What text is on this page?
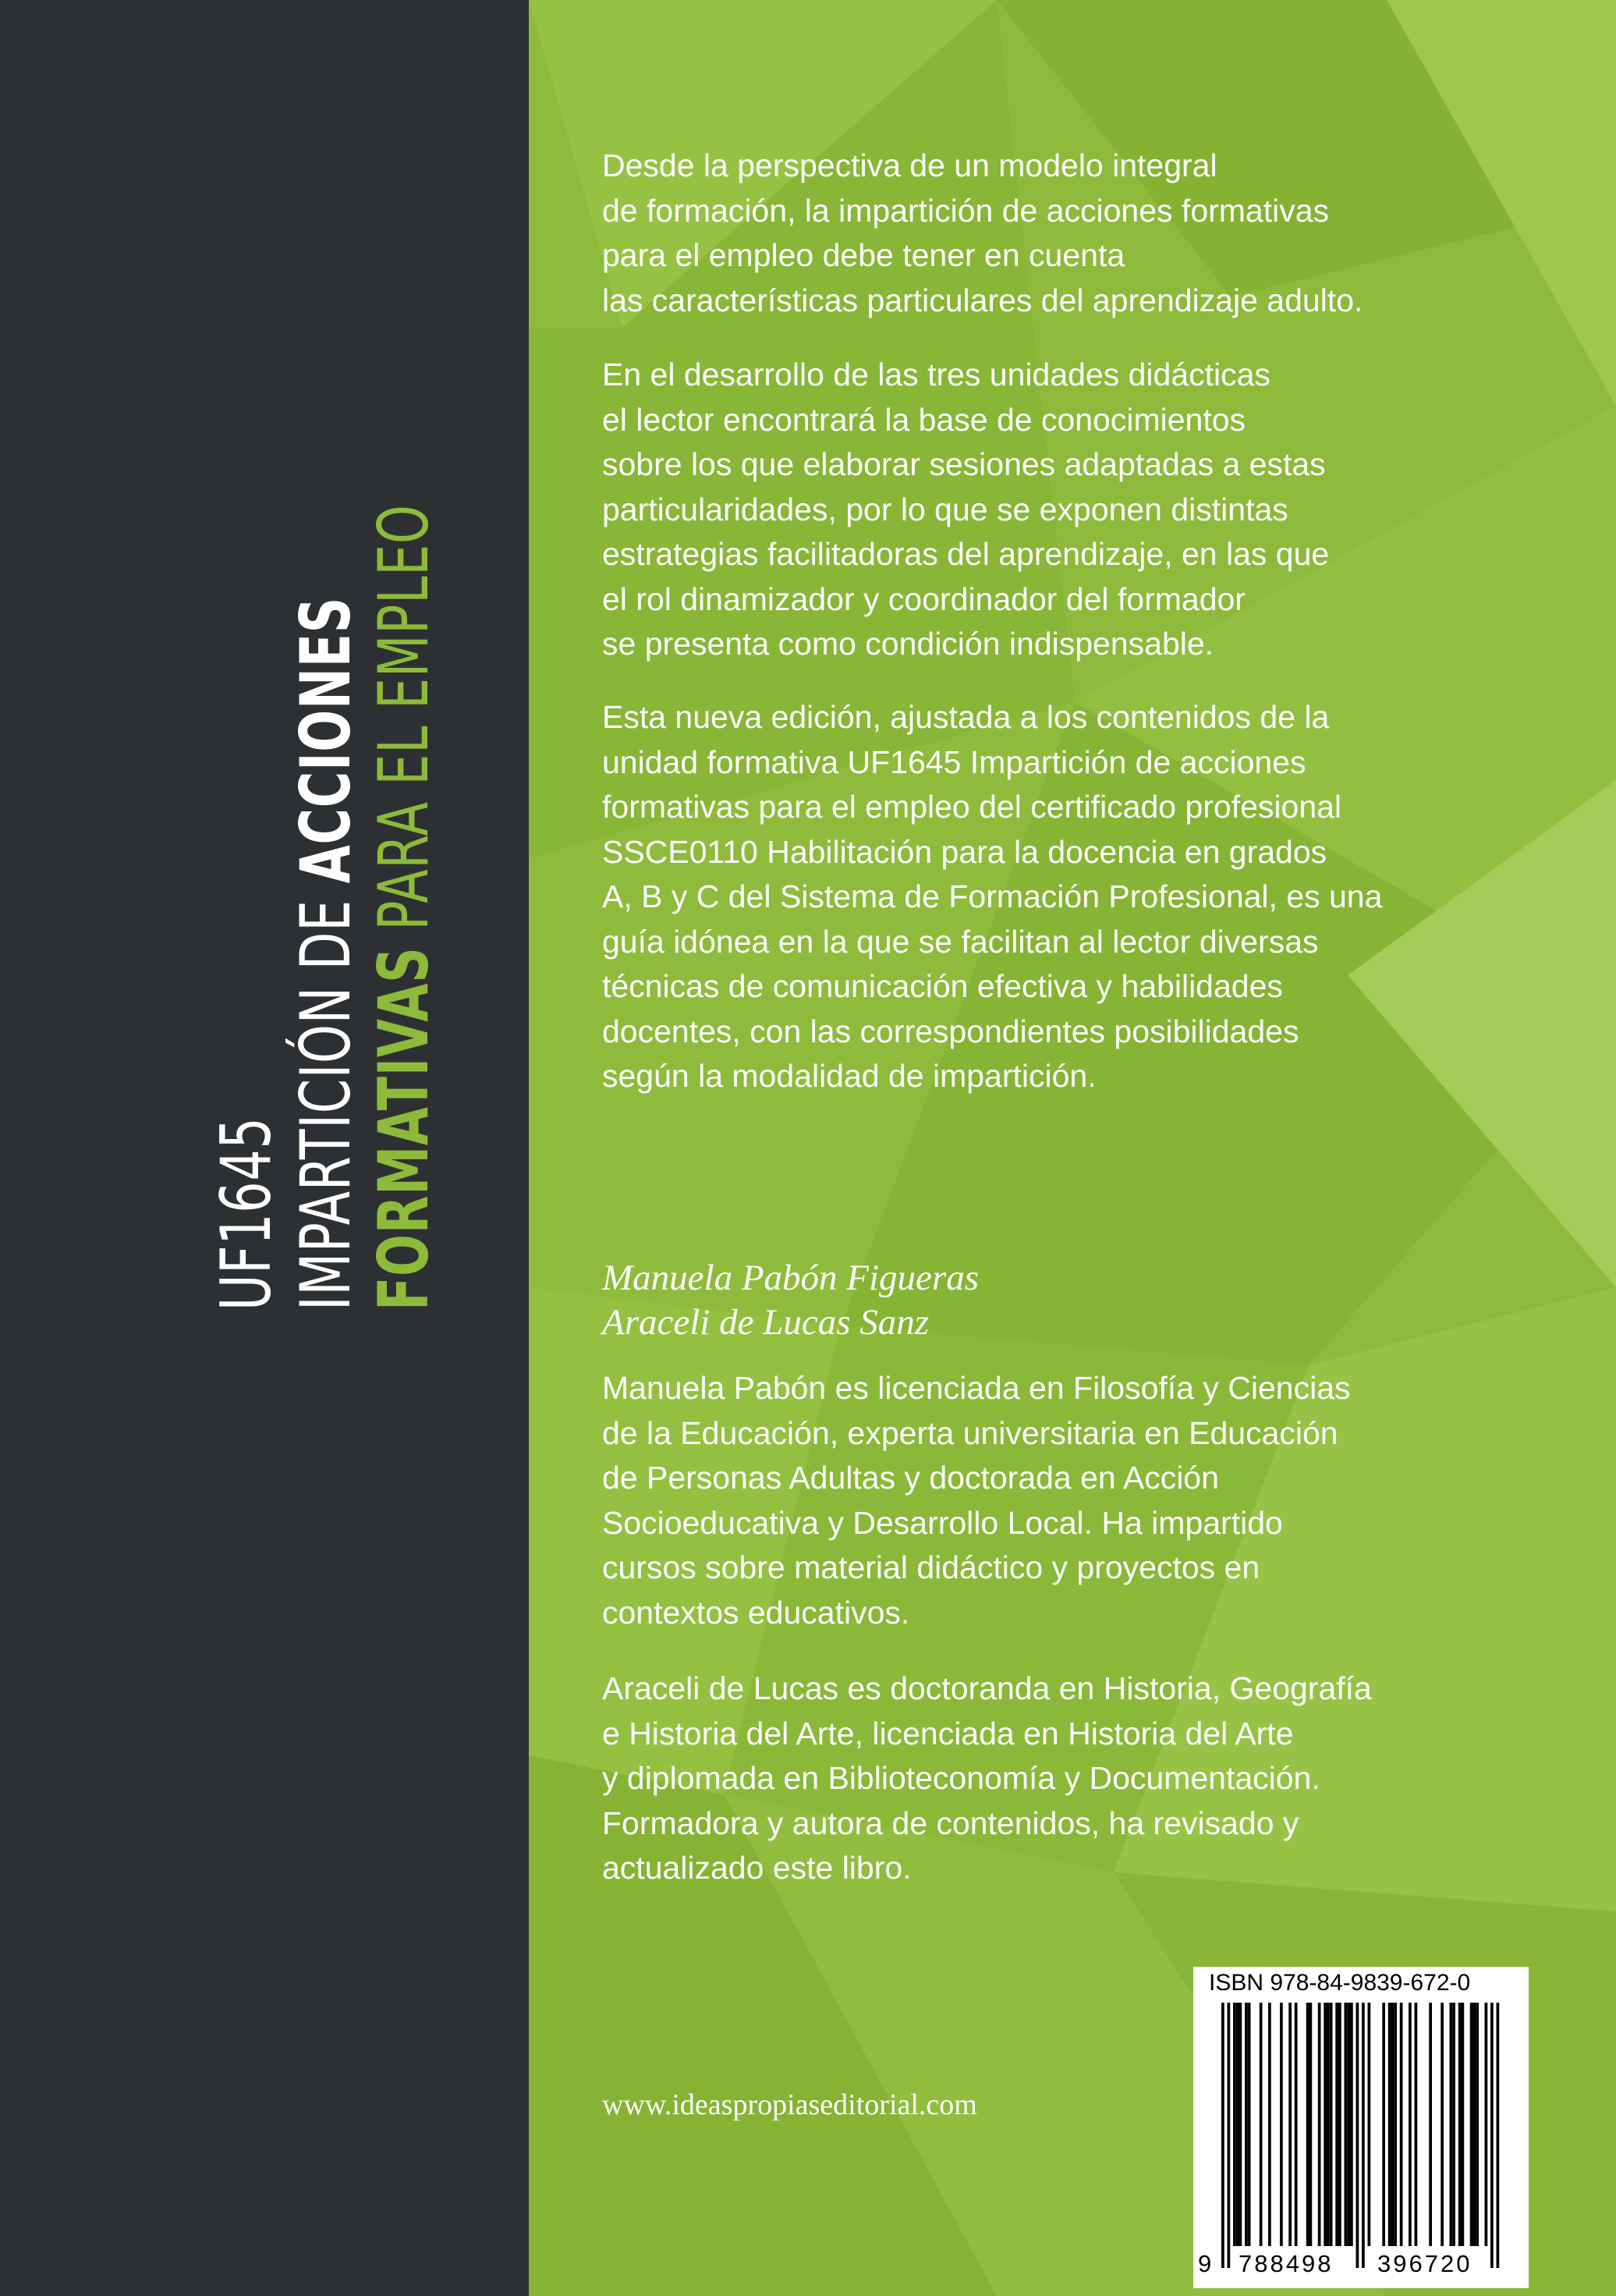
UF1645 IMPARTICIÓN DE ACCIONES
FORMATIVAS PARA EL EMPLEO

Desde la perspectiva de un modelo integral
de formación, la impartición de acciones formativas
para el empleo debe tener en cuenta
las características particulares del aprendizaje adulto.

En el desarrollo de las tres unidades didácticas
el lector encontrará la base de conocimientos
sobre los que elaborar sesiones adaptadas a estas
particularidades, por lo que se exponen distintas
estrategias facilitadoras del aprendizaje, en las que
el rol dinamizador y coordinador del formador
se presenta como condición indispensable.

Esta nueva edición, ajustada a los contenidos de la
unidad formativa UF1645 Impartición de acciones
formativas para el empleo del certificado profesional
SSCE0110 Habilitación para la docencia en grados
A, B y C del Sistema de Formación Profesional, es una
guía idónea en la que se facilitan al lector diversas
técnicas de comunicación efectiva y habilidades
docentes, con las correspondientes posibilidades
según la modalidad de impartición.

Manuela Pabón Figueras
Araceli de Lucas Sanz

Manuela Pabón es licenciada en Filosofía y Ciencias
de la Educación, experta universitaria en Educación
de Personas Adultas y doctorada en Acción
Socioeducativa y Desarrollo Local. Ha impartido
cursos sobre material didáctico y proyectos en
contextos educativos.

Araceli de Lucas es doctoranda en Historia, Geografía
e Historia del Arte, licenciada en Historia del Arte
y diplomada en Biblioteconomía y Documentación.
Formadora y autora de contenidos, ha revisado y
actualizado este libro.

www.ideaspropiaseditorial.com
ISBN 978-84-9839-672-0
9 788498 396720
